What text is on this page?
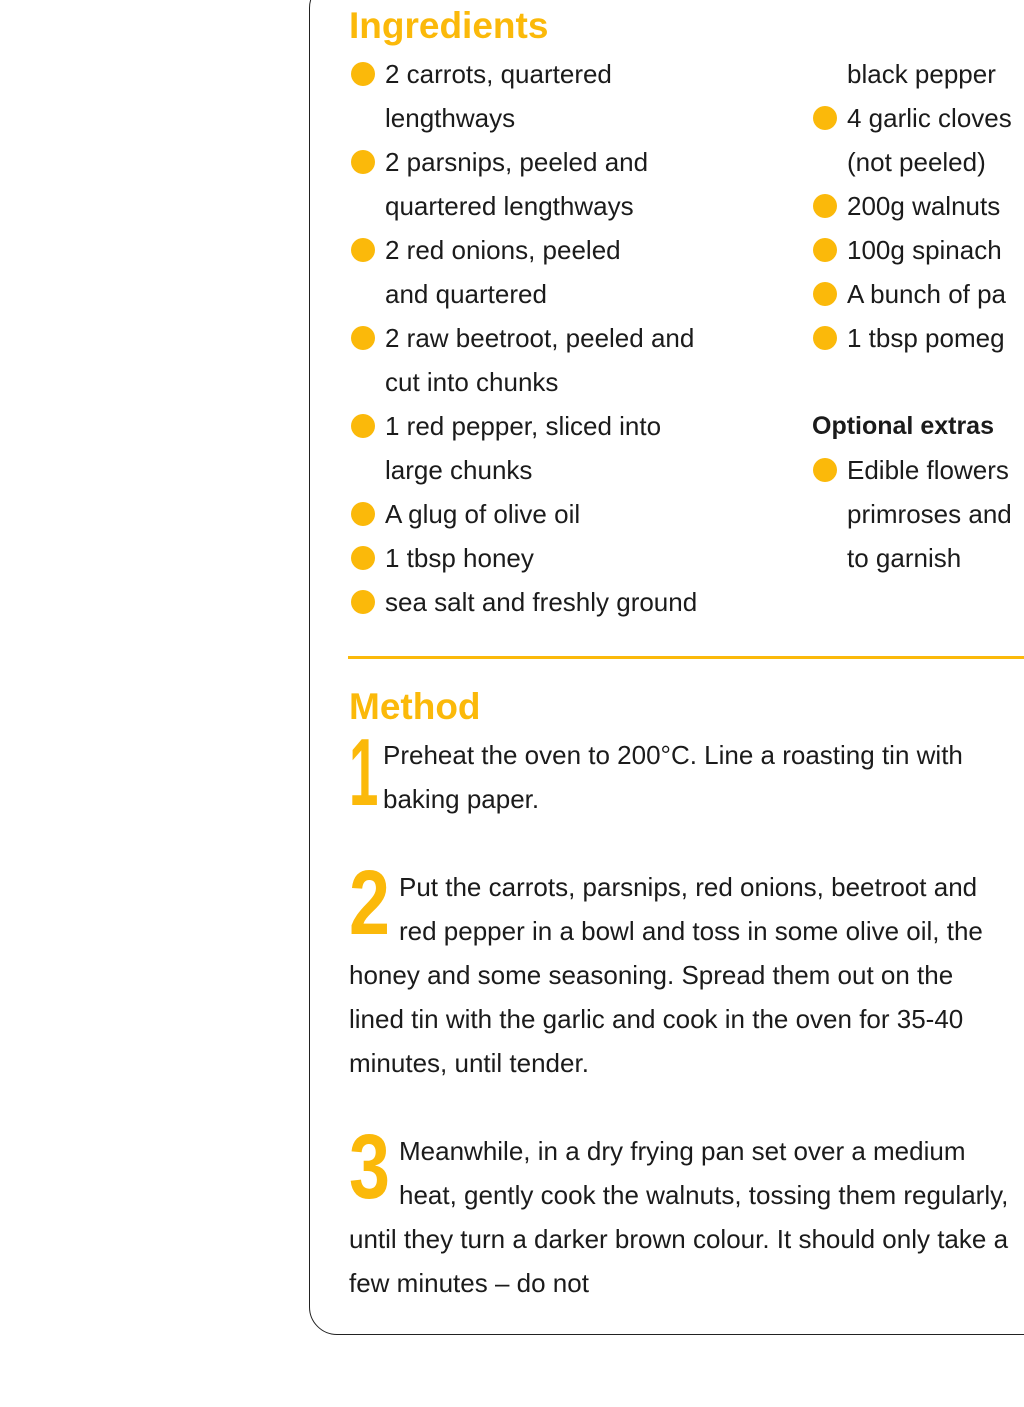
Ingredients
2 carrots, quartered
lengthways
2 parsnips, peeled and
quartered lengthways
2 red onions, peeled
and quartered
2 raw beetroot, peeled and
cut into chunks
1 red pepper, sliced into
large chunks
A glug of olive oil
1 tbsp honey
sea salt and freshly ground
black pepper
4 garlic cloves
(not peeled)
200g walnuts
100g spinach
A bunch of pa
1 tbsp pomeg
Optional extras
Edible flowers
primroses and
to garnish
Method

1 Preheat the oven to 200°C. Line a roasting tin with baking paper.

2 Put the carrots, parsnips, red onions, beetroot and red pepper in a bowl and toss in some olive oil, the honey and some seasoning. Spread them out on the lined tin with the garlic and cook in the oven for 35-40 minutes, until tender.

3 Meanwhile, in a dry frying pan set over a medium heat, gently cook the walnuts, tossing them regularly, until they turn a darker brown colour. It should only take a few minutes – do not
